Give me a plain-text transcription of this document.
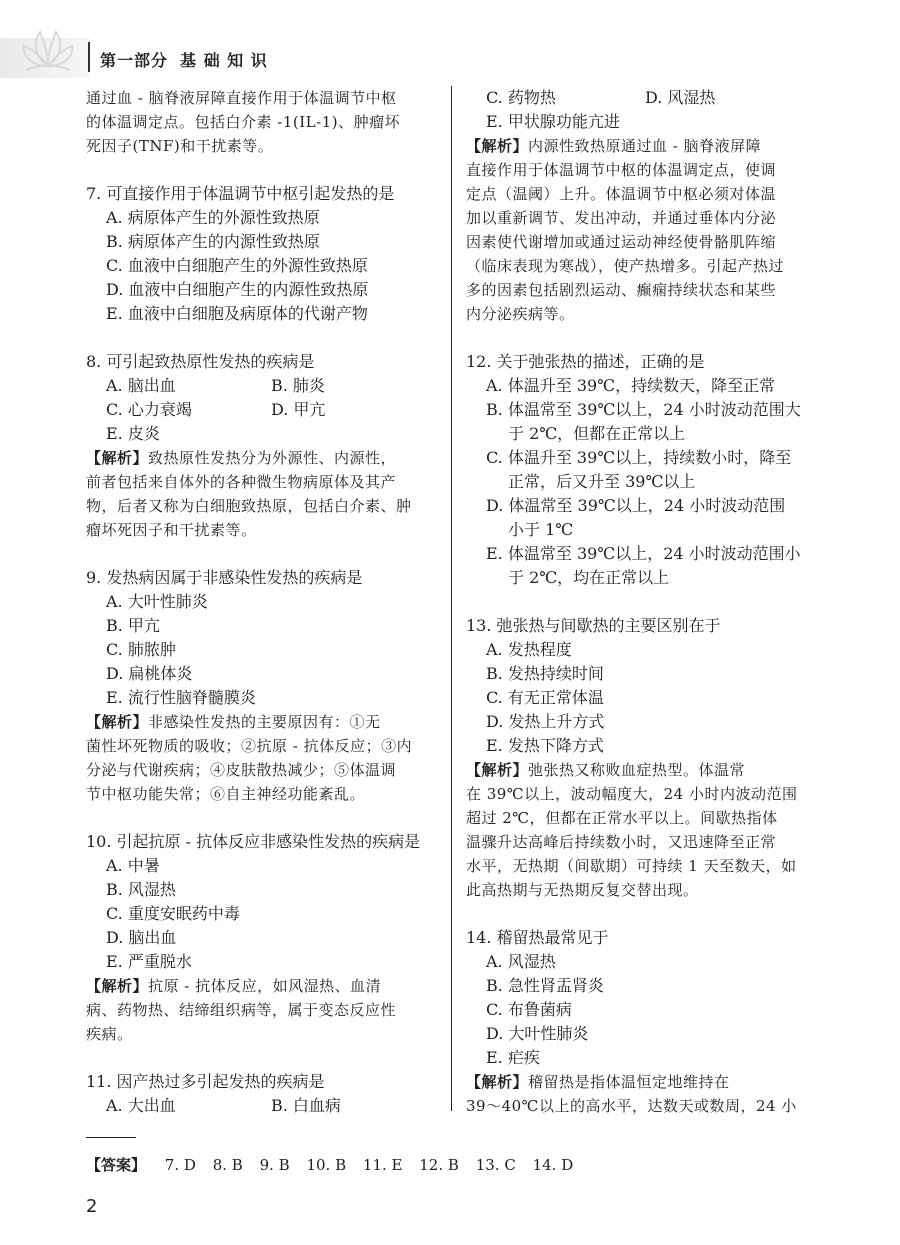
第一部分 基 础 知 识
通过血 - 脑脊液屏障直接作用于体温调节中枢
的体温调定点。包括白介素 -1(IL-1)、肿瘤坏
死因子(TNF)和干扰素等。
7. 可直接作用于体温调节中枢引起发热的是
A. 病原体产生的外源性致热原
B. 病原体产生的内源性致热原
C. 血液中白细胞产生的外源性致热原
D. 血液中白细胞产生的内源性致热原
E. 血液中白细胞及病原体的代谢产物
8. 可引起致热原性发热的疾病是
A. 脑出血	B. 肺炎
C. 心力衰竭	D. 甲亢
E. 皮炎
【解析】致热原性发热分为外源性、内源性，
前者包括来自体外的各种微生物病原体及其产
物，后者又称为白细胞致热原，包括白介素、肿
瘤坏死因子和干扰素等。
9. 发热病因属于非感染性发热的疾病是
A. 大叶性肺炎
B. 甲亢
C. 肺脓肿
D. 扁桃体炎
E. 流行性脑脊髓膜炎
【解析】非感染性发热的主要原因有：①无
菌性坏死物质的吸收；②抗原 - 抗体反应；③内
分泌与代谢疾病；④皮肤散热减少；⑤体温调
节中枢功能失常；⑥自主神经功能紊乱。
10. 引起抗原 - 抗体反应非感染性发热的疾病是
A. 中暑
B. 风湿热
C. 重度安眠药中毒
D. 脑出血
E. 严重脱水
【解析】抗原 - 抗体反应，如风湿热、血清
病、药物热、结缔组织病等，属于变态反应性
疾病。
11. 因产热过多引起发热的疾病是
A. 大出血	B. 白血病
C. 药物热	D. 风湿热
E. 甲状腺功能亢进
【解析】内源性致热原通过血 - 脑脊液屏障
直接作用于体温调节中枢的体温调定点，使调
定点（温阈）上升。体温调节中枢必须对体温
加以重新调节、发出冲动，并通过垂体内分泌
因素使代谢增加或通过运动神经使骨骼肌阵缩
（临床表现为寒战），使产热增多。引起产热过
多的因素包括剧烈运动、癫痫持续状态和某些
内分泌疾病等。
12. 关于弛张热的描述，正确的是
A. 体温升至 39℃，持续数天，降至正常
B. 体温常至 39℃以上，24 小时波动范围大
于 2℃，但都在正常以上
C. 体温升至 39℃以上，持续数小时，降至
正常，后又升至 39℃以上
D. 体温常至 39℃以上，24 小时波动范围
小于 1℃
E. 体温常至 39℃以上，24 小时波动范围小
于 2℃，均在正常以上
13. 弛张热与间歇热的主要区别在于
A. 发热程度
B. 发热持续时间
C. 有无正常体温
D. 发热上升方式
E. 发热下降方式
【解析】弛张热又称败血症热型。体温常
在 39℃以上，波动幅度大，24 小时内波动范围
超过 2℃，但都在正常水平以上。间歇热指体
温骤升达高峰后持续数小时，又迅速降至正常
水平，无热期（间歇期）可持续 1 天至数天，如
此高热期与无热期反复交替出现。
14. 稽留热最常见于
A. 风湿热
B. 急性肾盂肾炎
C. 布鲁菌病
D. 大叶性肺炎
E. 疟疾
【解析】稽留热是指体温恒定地维持在
39～40℃以上的高水平，达数天或数周，24 小
【答案】 7. D 8. B 9. B 10. B 11. E 12. B 13. C 14. D
2
